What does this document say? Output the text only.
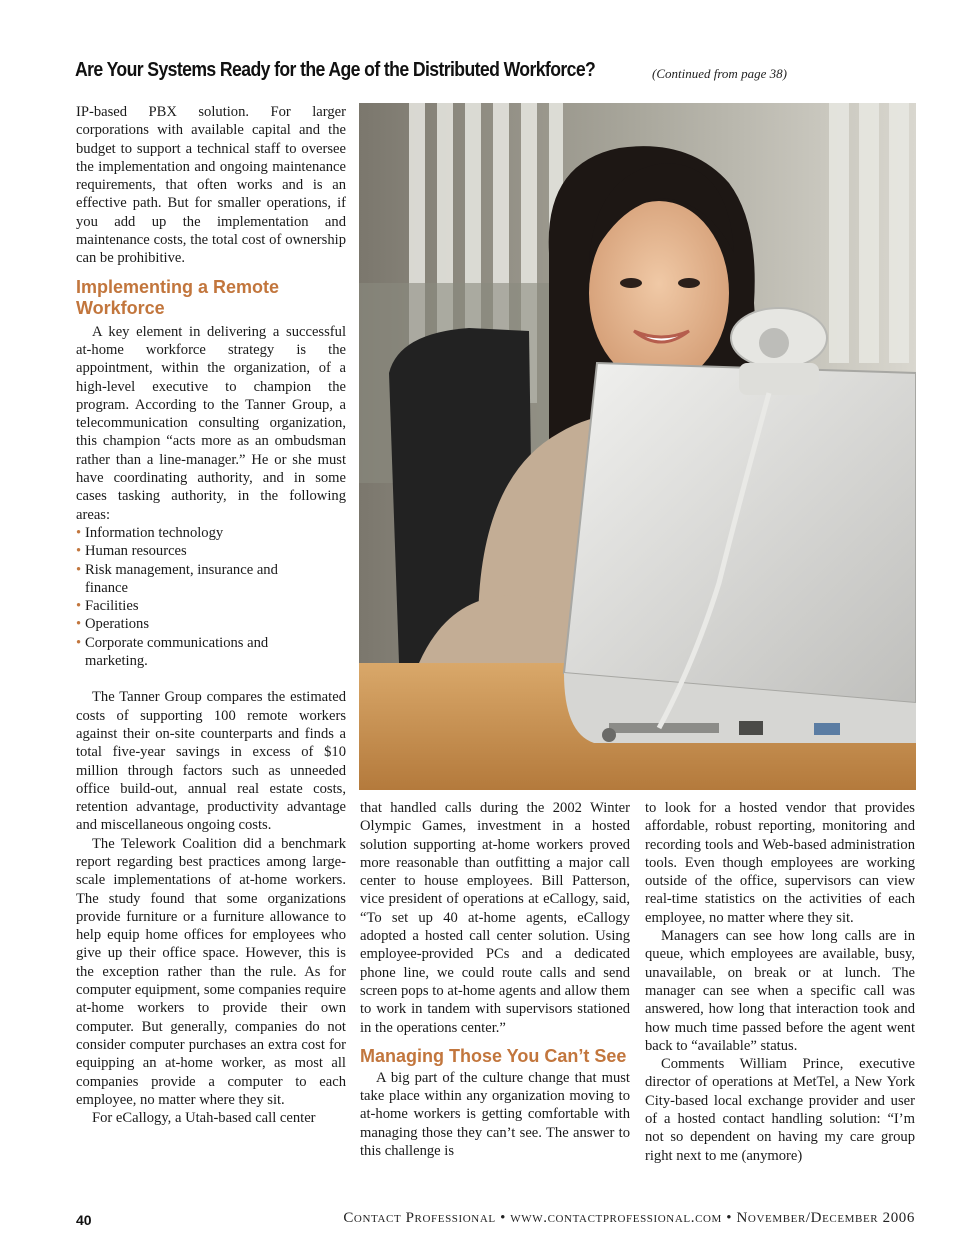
Are Your Systems Ready for the Age of the Distributed Workforce?	(Continued from page 38)

IP-based PBX solution. For larger corporations with available capital and the budget to support a technical staff to oversee the implementation and ongoing maintenance requirements, that often works and is an effective path. But for smaller operations, if you add up the implementation and maintenance costs, the total cost of ownership can be prohibitive.

Implementing a Remote Workforce

A key element in delivering a successful at-home workforce strategy is the appointment, within the organization, of a high-level executive to champion the program. According to the Tanner Group, a telecommunication consulting organization, this champion “acts more as an ombudsman rather than a line-manager.” He or she must have coordinating authority, and in some cases tasking authority, in the following areas:

• Information technology
• Human resources
• Risk management, insurance and finance
• Facilities
• Operations
• Corporate communications and marketing.

The Tanner Group compares the estimated costs of supporting 100 remote workers against their on-site counterparts and finds a total five-year savings in excess of $10 million through factors such as unneeded office build-out, annual real estate costs, retention advantage, productivity advantage and miscellaneous ongoing costs.

The Telework Coalition did a benchmark report regarding best practices among large-scale implementations of at-home workers. The study found that some organizations provide furniture or a furniture allowance to help equip home offices for employees who give up their office space. However, this is the exception rather than the rule. As for computer equipment, some companies require at-home workers to provide their own computer. But generally, companies do not consider computer purchases an extra cost for equipping an at-home worker, as most all companies provide a computer to each employee, no matter where they sit.

For eCallogy, a Utah-based call center

that handled calls during the 2002 Winter Olympic Games, investment in a hosted solution supporting at-home workers proved more reasonable than outfitting a major call center to house employees. Bill Patterson, vice president of operations at eCallogy, said, “To set up 40 at-home agents, eCallogy adopted a hosted call center solution. Using employee-provided PCs and a dedicated phone line, we could route calls and send screen pops to at-home agents and allow them to work in tandem with supervisors stationed in the operations center.”

Managing Those You Can’t See

A big part of the culture change that must take place within any organization moving to at-home workers is getting comfortable with managing those they can’t see. The answer to this challenge is

to look for a hosted vendor that provides affordable, robust reporting, monitoring and recording tools and Web-based administration tools. Even though employees are working outside of the office, supervisors can view real-time statistics on the activities of each employee, no matter where they sit.

Managers can see how long calls are in queue, which employees are available, busy, unavailable, on break or at lunch. The manager can see when a specific call was answered, how long that interaction took and how much time passed before the agent went back to “available” status.

Comments William Prince, executive director of operations at MetTel, a New York City-based local exchange provider and user of a hosted contact handling solution: “I’m not so dependent on having my care group right next to me (anymore)

40	Contact Professional • www.contactprofessional.com • November/December 2006
